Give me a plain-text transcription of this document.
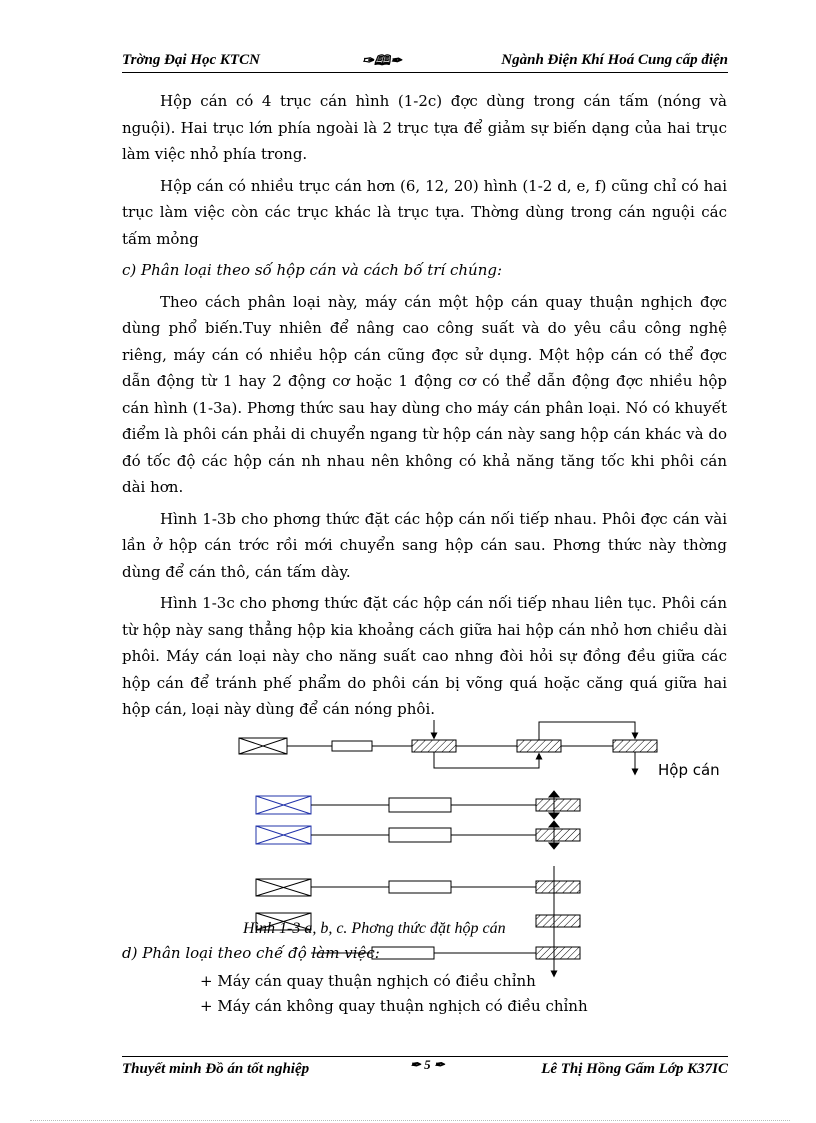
Trờng Đại Học KTCN	✑🕮✒	Ngành Điện Khí Hoá Cung cấp điện

Hộp cán có 4 trục cán hình (1-2c) đợc dùng trong cán tấm (nóng và nguội). Hai trục lớn phía ngoài là 2 trục tựa để giảm sự biến dạng của hai trục làm việc nhỏ phía trong.

Hộp cán có nhiều trục cán hơn (6, 12, 20) hình (1-2 d, e, f) cũng chỉ có hai trục làm việc còn các trục khác là trục tựa. Thờng dùng trong cán nguội các tấm mỏng

c) Phân loại theo số hộp cán và cách bố trí chúng:

Theo cách phân loại này, máy cán một hộp cán quay thuận nghịch đợc dùng phổ biến.Tuy nhiên để nâng cao công suất và do yêu cầu công nghệ riêng, máy cán có nhiều hộp cán cũng đợc sử dụng. Một hộp cán có thể đợc dẫn động từ 1 hay 2 động cơ hoặc 1 động cơ có thể dẫn động đợc nhiều hộp cán hình (1-3a). Phơng thức sau hay dùng cho máy cán phân loại. Nó có khuyết điểm là phôi cán phải di chuyển ngang từ hộp cán này sang hộp cán khác và do đó tốc độ các hộp cán nh nhau nên không có khả năng tăng tốc khi phôi cán dài hơn.

Hình 1-3b cho phơng thức đặt các hộp cán nối tiếp nhau. Phôi đợc cán vài lần ở hộp cán trớc rồi mới chuyển sang hộp cán sau. Phơng thức này thờng dùng để cán thô, cán tấm dày.

Hình 1-3c cho phơng thức đặt các hộp cán nối tiếp nhau liên tục. Phôi cán từ hộp này sang thẳng hộp kia khoảng cách giữa hai hộp cán nhỏ hơn chiều dài phôi. Máy cán loại này cho năng suất cao nhng đòi hỏi sự đồng đều giữa các hộp cán để tránh phế phẩm do phôi cán bị võng quá hoặc căng quá giữa hai hộp cán, loại này dùng để cán nóng phôi.

Hộp cán
Hình 1-3 a, b, c. Phơng thức đặt hộp cán
d) Phân loại theo chế độ làm việc:
+ Máy cán quay thuận nghịch có điều chỉnh
+ Máy cán không quay thuận nghịch có điều chỉnh
Thuyết minh Đồ án tốt nghiệp	✒ 5 ✒	Lê Thị Hồng Gấm Lớp K37IC
